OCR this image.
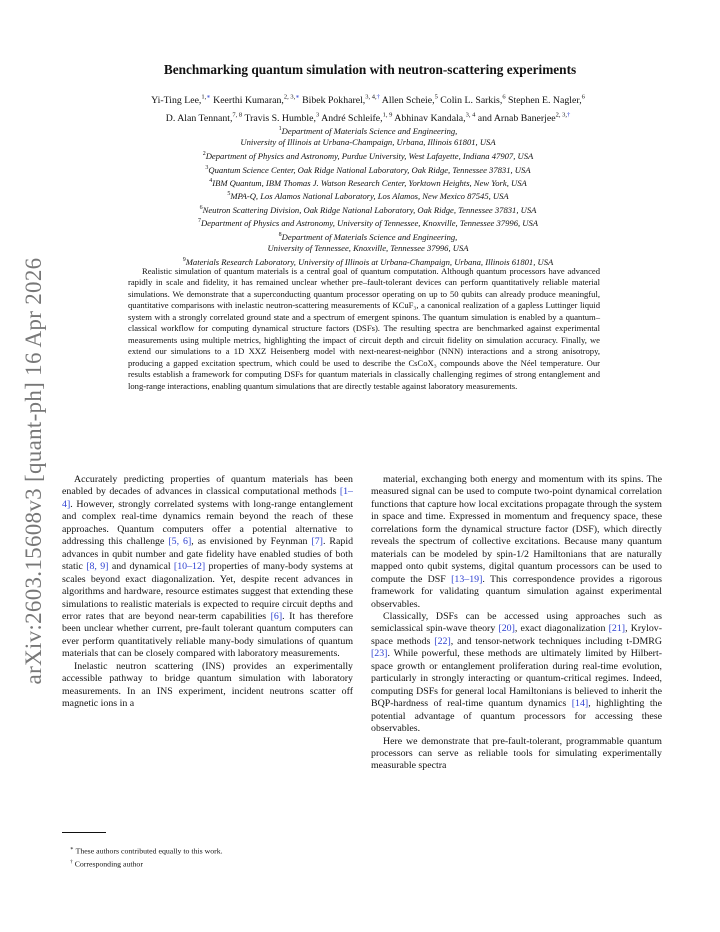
arXiv:2603.15608v3 [quant-ph] 16 Apr 2026
Benchmarking quantum simulation with neutron-scattering experiments
Yi-Ting Lee,$^{1,∗}$ Keerthi Kumaran,$^{2, 3,∗}$ Bibek Pokharel,$^{3, 4,\dagger}$ Allen Scheie,$^5$ Colin L. Sarkis,$^6$ Stephen E. Nagler,$^6$
D. Alan Tennant,$^{7, 8}$ Travis S. Humble,$^3$ André Schleife,$^{1, 9}$ Abhinav Kandala,$^{3, 4}$ and Arnab Banerjee$^{2, 3,\dagger}$
$^1$Department of Materials Science and Engineering,
University of Illinois at Urbana-Champaign, Urbana, Illinois 61801, USA
$^2$Department of Physics and Astronomy, Purdue University, West Lafayette, Indiana 47907, USA
$^3$Quantum Science Center, Oak Ridge National Laboratory, Oak Ridge, Tennessee 37831, USA
$^4$IBM Quantum, IBM Thomas J. Watson Research Center, Yorktown Heights, New York, USA
$^5$MPA-Q, Los Alamos National Laboratory, Los Alamos, New Mexico 87545, USA
$^6$Neutron Scattering Division, Oak Ridge National Laboratory, Oak Ridge, Tennessee 37831, USA
$^7$Department of Physics and Astronomy, University of Tennessee, Knoxville, Tennessee 37996, USA
$^8$Department of Materials Science and Engineering,
University of Tennessee, Knoxville, Tennessee 37996, USA
$^9$Materials Research Laboratory, University of Illinois at Urbana-Champaign, Urbana, Illinois 61801, USA

Realistic simulation of quantum materials is a central goal of quantum computation. Although quantum processors have advanced rapidly in scale and fidelity, it has remained unclear whether pre–fault-tolerant devices can perform quantitatively reliable material simulations. We demonstrate that a superconducting quantum processor operating on up to 50 qubits can already produce meaningful, quantitative comparisons with inelastic neutron-scattering measurements of KCuF₃, a canonical realization of a gapless Luttinger liquid system with a strongly correlated ground state and a spectrum of emergent spinons. The quantum simulation is enabled by a quantum–classical workflow for computing dynamical structure factors (DSFs). The resulting spectra are benchmarked against experimental measurements using multiple metrics, highlighting the impact of circuit depth and circuit fidelity on simulation accuracy. Finally, we extend our simulations to a 1D XXZ Heisenberg model with next-nearest-neighbor (NNN) interactions and a strong anisotropy, producing a gapped excitation spectrum, which could be used to describe the CsCoX₃ compounds above the Néel temperature. Our results establish a framework for computing DSFs for quantum materials in classically challenging regimes of strong entanglement and long-range interactions, enabling quantum simulations that are directly testable against laboratory measurements.

Accurately predicting properties of quantum materials has been enabled by decades of advances in classical computational methods [1–4]. However, strongly correlated systems with long-range entanglement and complex real-time dynamics remain beyond the reach of these approaches. Quantum computers offer a potential alternative to addressing this challenge [5, 6], as envisioned by Feynman [7]. Rapid advances in qubit number and gate fidelity have enabled studies of both static [8, 9] and dynamical [10–12] properties of many-body systems at scales beyond exact diagonalization. Yet, despite recent advances in algorithms and hardware, resource estimates suggest that extending these simulations to realistic materials is expected to require circuit depths and error rates that are beyond near-term capabilities [6]. It has therefore been unclear whether current, pre-fault tolerant quantum computers can ever perform quantitatively reliable many-body simulations of quantum materials that can be closely compared with laboratory measurements.

Inelastic neutron scattering (INS) provides an experimentally accessible pathway to bridge quantum simulation with laboratory measurements. In an INS experiment, incident neutrons scatter off magnetic ions in a

material, exchanging both energy and momentum with its spins. The measured signal can be used to compute two-point dynamical correlation functions that capture how local excitations propagate through the system in space and time. Expressed in momentum and frequency space, these correlations form the dynamical structure factor (DSF), which directly reveals the spectrum of collective excitations. Because many quantum materials can be modeled by spin-1/2 Hamiltonians that are naturally mapped onto qubit systems, digital quantum processors can be used to compute the DSF [13–19]. This correspondence provides a rigorous framework for validating quantum simulation against experimental observables.

Classically, DSFs can be accessed using approaches such as semiclassical spin-wave theory [20], exact diagonalization [21], Krylov-space methods [22], and tensor-network techniques including t-DMRG [23]. While powerful, these methods are ultimately limited by Hilbert-space growth or entanglement proliferation during real-time evolution, particularly in strongly interacting or quantum-critical regimes. Indeed, computing DSFs for general local Hamiltonians is believed to inherit the BQP-hardness of real-time quantum dynamics [14], highlighting the potential advantage of quantum processors for accessing these observables.

Here we demonstrate that pre-fault-tolerant, programmable quantum processors can serve as reliable tools for simulating experimentally measurable spectra

∗ These authors contributed equally to this work.
† Corresponding author
